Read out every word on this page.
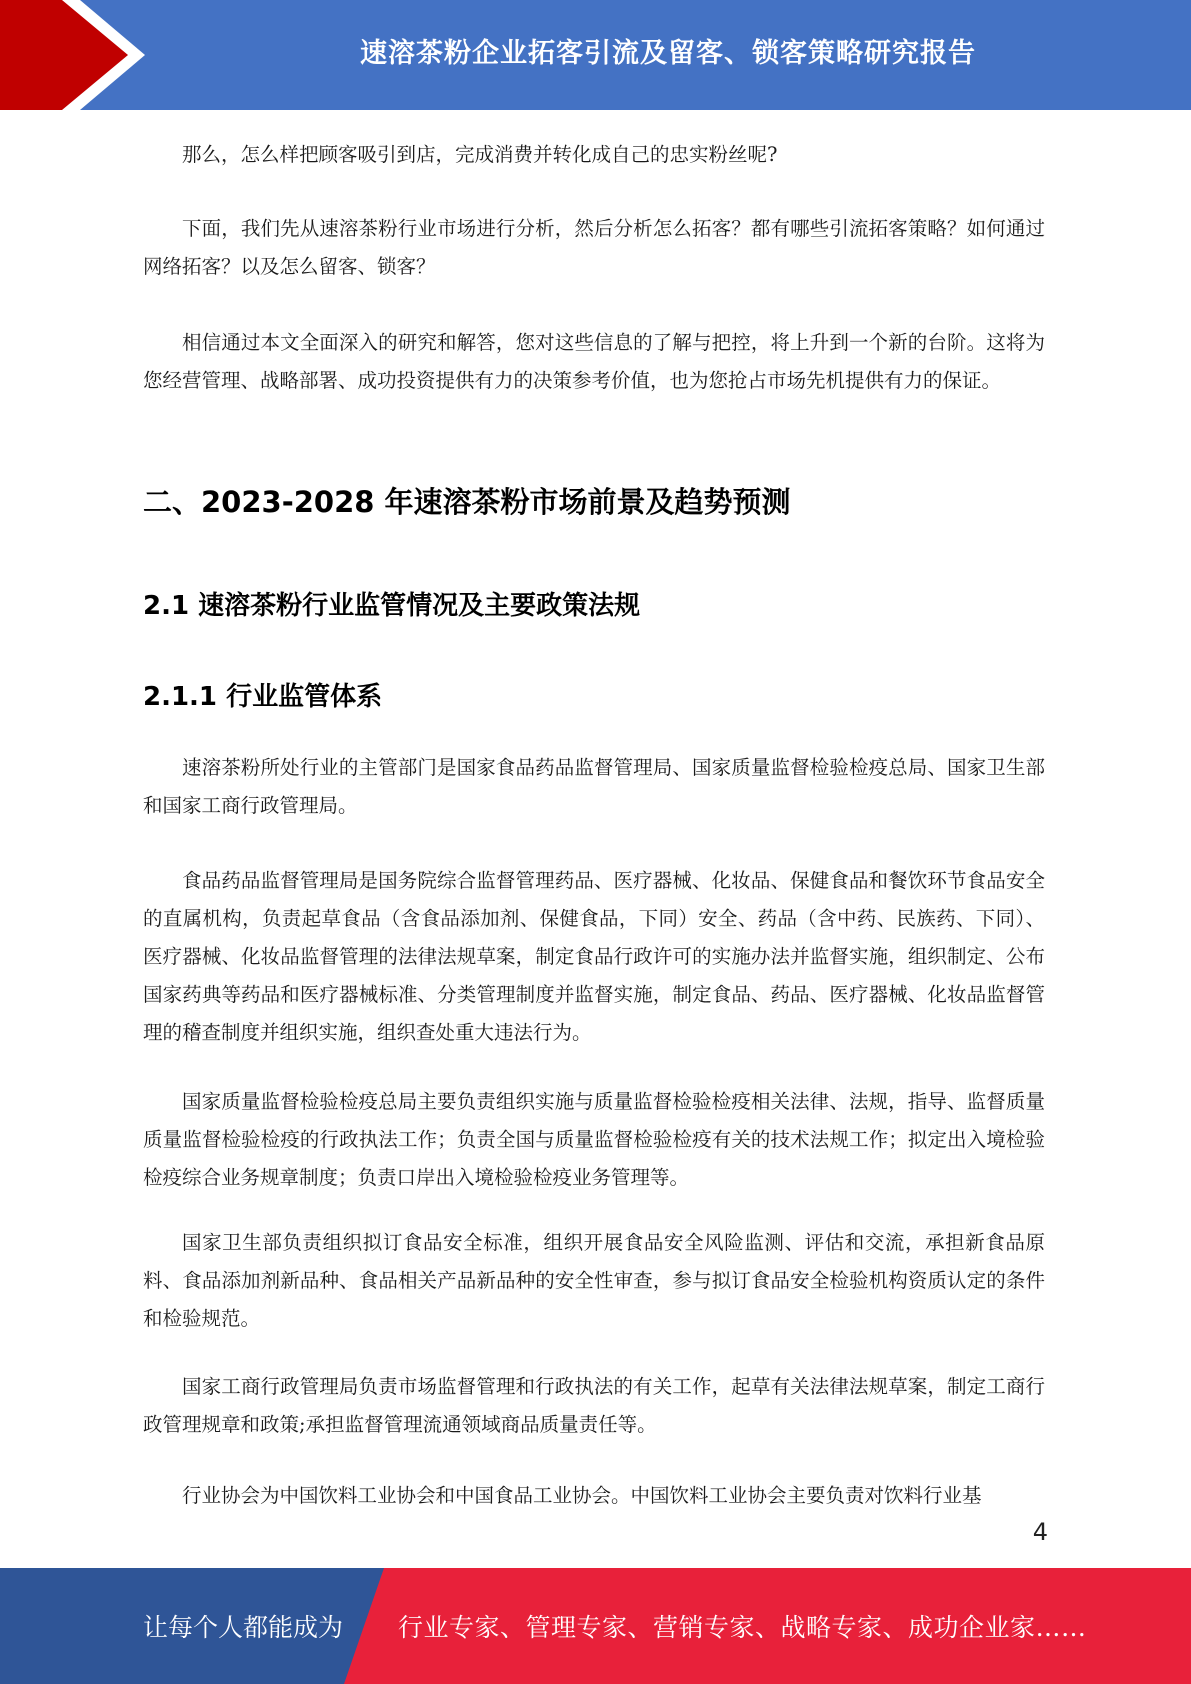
速溶茶粉企业拓客引流及留客、锁客策略研究报告

那么，怎么样把顾客吸引到店，完成消费并转化成自己的忠实粉丝呢?

下面，我们先从速溶茶粉行业市场进行分析，然后分析怎么拓客？都有哪些引流拓客策略？如何通过网络拓客？以及怎么留客、锁客？

相信通过本文全面深入的研究和解答，您对这些信息的了解与把控，将上升到一个新的台阶。这将为您经营管理、战略部署、成功投资提供有力的决策参考价值，也为您抢占市场先机提供有力的保证。

二、2023-2028 年速溶茶粉市场前景及趋势预测
2.1 速溶茶粉行业监管情况及主要政策法规
2.1.1 行业监管体系

速溶茶粉所处行业的主管部门是国家食品药品监督管理局、国家质量监督检验检疫总局、国家卫生部和国家工商行政管理局。

食品药品监督管理局是国务院综合监督管理药品、医疗器械、化妆品、保健食品和餐饮环节食品安全的直属机构，负责起草食品（含食品添加剂、保健食品，下同）安全、药品（含中药、民族药、下同）、医疗器械、化妆品监督管理的法律法规草案，制定食品行政许可的实施办法并监督实施，组织制定、公布国家药典等药品和医疗器械标准、分类管理制度并监督实施，制定食品、药品、医疗器械、化妆品监督管理的稽查制度并组织实施，组织查处重大违法行为。

国家质量监督检验检疫总局主要负责组织实施与质量监督检验检疫相关法律、法规，指导、监督质量质量监督检验检疫的行政执法工作；负责全国与质量监督检验检疫有关的技术法规工作；拟定出入境检验检疫综合业务规章制度；负责口岸出入境检验检疫业务管理等。

国家卫生部负责组织拟订食品安全标准，组织开展食品安全风险监测、评估和交流，承担新食品原料、食品添加剂新品种、食品相关产品新品种的安全性审查，参与拟订食品安全检验机构资质认定的条件和检验规范。

国家工商行政管理局负责市场监督管理和行政执法的有关工作，起草有关法律法规草案，制定工商行政管理规章和政策;承担监督管理流通领域商品质量责任等。

行业协会为中国饮料工业协会和中国食品工业协会。中国饮料工业协会主要负责对饮料行业基

4
让每个人都能成为 行业专家、管理专家、营销专家、战略专家、成功企业家……
